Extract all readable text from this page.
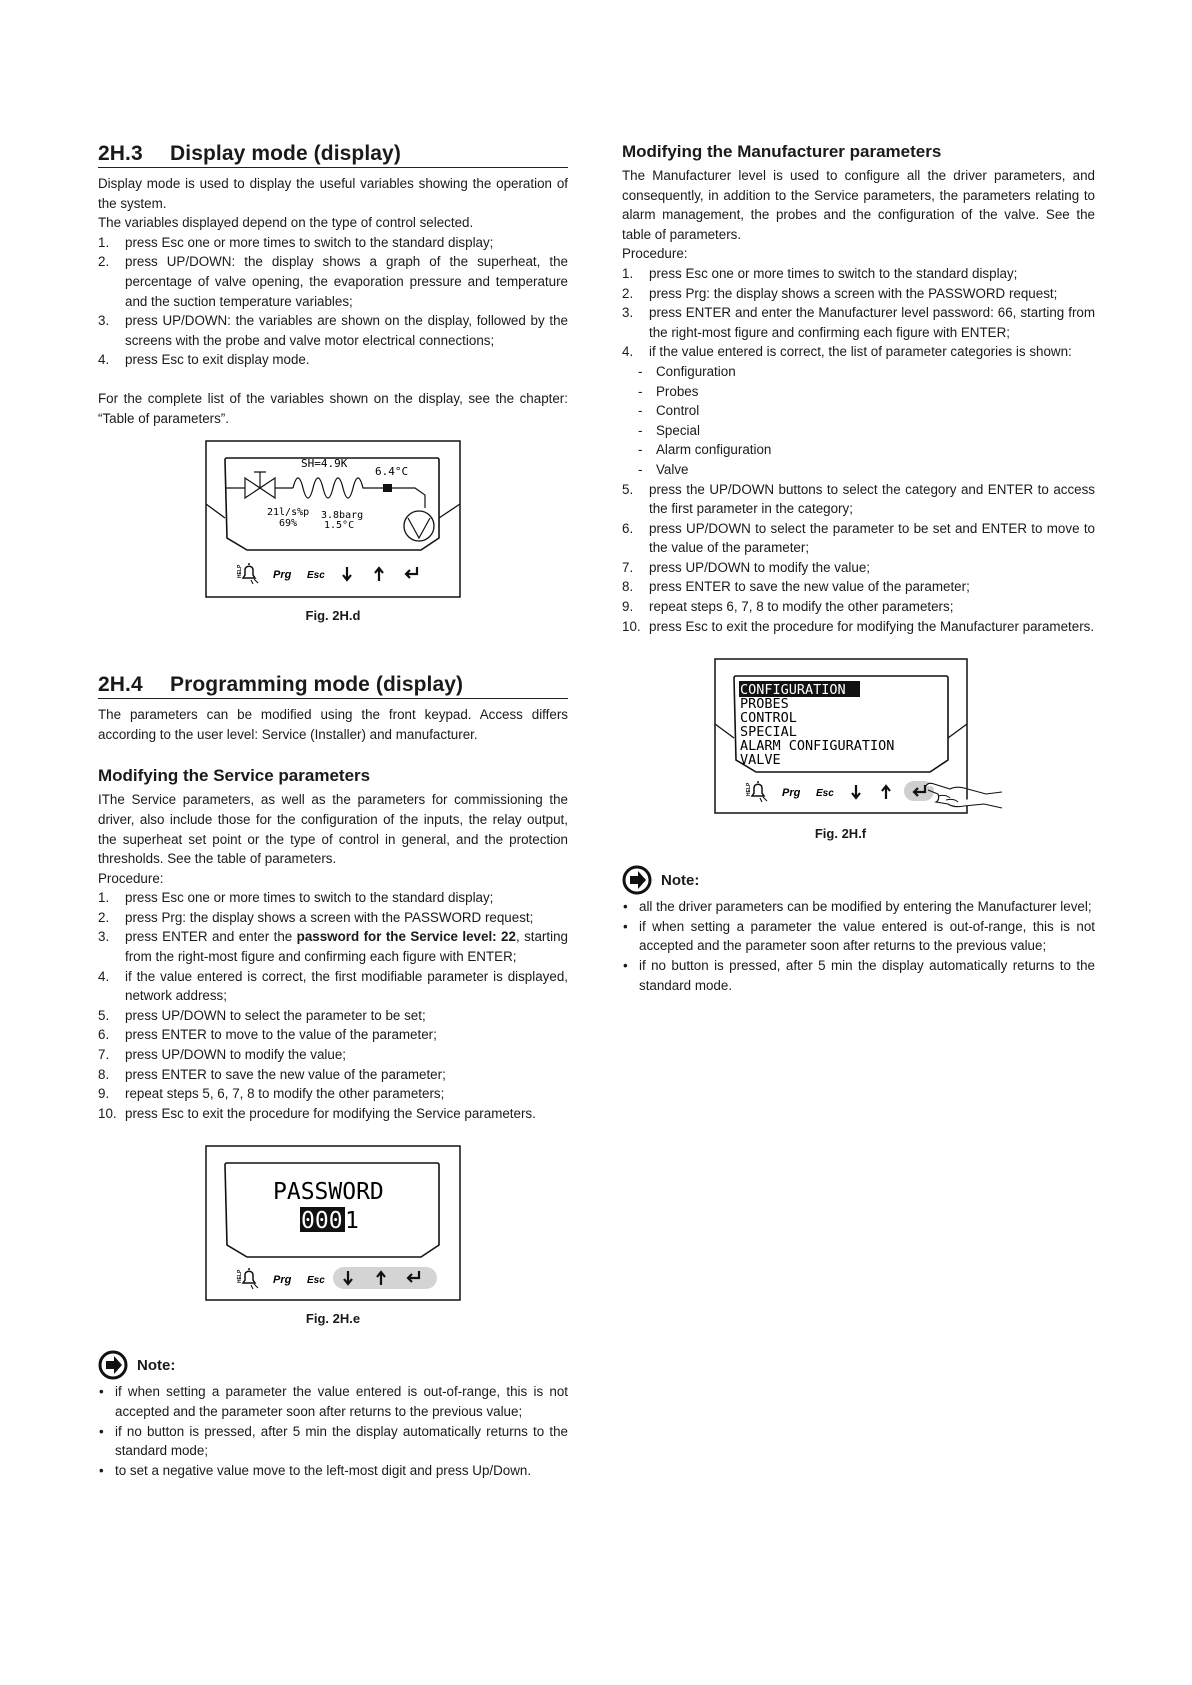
2H.3 Display mode (display)

Display mode is used to display the useful variables showing the operation of the system.

The variables displayed depend on the type of control selected.

1. press Esc one or more times to switch to the standard display;
2. press UP/DOWN: the display shows a graph of the superheat, the percentage of valve opening, the evaporation pressure and temperature and the suction temperature variables;
3. press UP/DOWN: the variables are shown on the display, followed by the screens with the probe and valve motor electrical connections;
4. press Esc to exit display mode.

For the complete list of the variables shown on the display, see the chapter: “Table of parameters”.

SH=4.9K
6.4°C
21l/s%p
69%
3.8barg
1.5°C
HELP	Prg Esc
Fig. 2H.d
2H.4 Programming mode (display)

The parameters can be modified using the front keypad. Access differs according to the user level: Service (Installer) and manufacturer.

Modifying the Service parameters

IThe Service parameters, as well as the parameters for commissioning the driver, also include those for the configuration of the inputs, the relay output, the superheat set point or the type of control in general, and the protection thresholds. See the table of parameters.

Procedure:

1. press Esc one or more times to switch to the standard display;
2. press Prg: the display shows a screen with the PASSWORD request;
3. press ENTER and enter the password for the Service level: 22, starting from the right-most figure and confirming each figure with ENTER;
4. if the value entered is correct, the first modifiable parameter is displayed, network address;
5. press UP/DOWN to select the parameter to be set;
6. press ENTER to move to the value of the parameter;
7. press UP/DOWN to modify the value;
8. press ENTER to save the new value of the parameter;
9. repeat steps 5, 6, 7, 8 to modify the other parameters;
10. press Esc to exit the procedure for modifying the Service parameters.
PASSWORD
000 1
HELP	Prg Esc
Fig. 2H.e
Note:
• if when setting a parameter the value entered is out-of-range, this is not accepted and the parameter soon after returns to the previous value;
• if no button is pressed, after 5 min the display automatically returns to the standard mode;
• to set a negative value move to the left-most digit and press Up/Down.
Modifying the Manufacturer parameters

The Manufacturer level is used to configure all the driver parameters, and consequently, in addition to the Service parameters, the parameters relating to alarm management, the probes and the configuration of the valve. See the table of parameters.

Procedure:

1. press Esc one or more times to switch to the standard display;
2. press Prg: the display shows a screen with the PASSWORD request;
3. press ENTER and enter the Manufacturer level password: 66, starting from the right-most figure and confirming each figure with ENTER;
4. if the value entered is correct, the list of parameter categories is shown:
- Configuration
- Probes
- Control
- Special
- Alarm configuration
- Valve
5. press the UP/DOWN buttons to select the category and ENTER to access the first parameter in the category;
6. press UP/DOWN to select the parameter to be set and ENTER to move to the value of the parameter;
7. press UP/DOWN to modify the value;
8. press ENTER to save the new value of the parameter;
9. repeat steps 6, 7, 8 to modify the other parameters;
10. press Esc to exit the procedure for modifying the Manufacturer parameters.
CONFIGURATION
PROBES
CONTROL
SPECIAL
ALARM CONFIGURATION
VALVE
HELP	Prg Esc
Fig. 2H.f
Note:
• all the driver parameters can be modified by entering the Manufacturer level;
• if when setting a parameter the value entered is out-of-range, this is not accepted and the parameter soon after returns to the previous value;
• if no button is pressed, after 5 min the display automatically returns to the standard mode.
